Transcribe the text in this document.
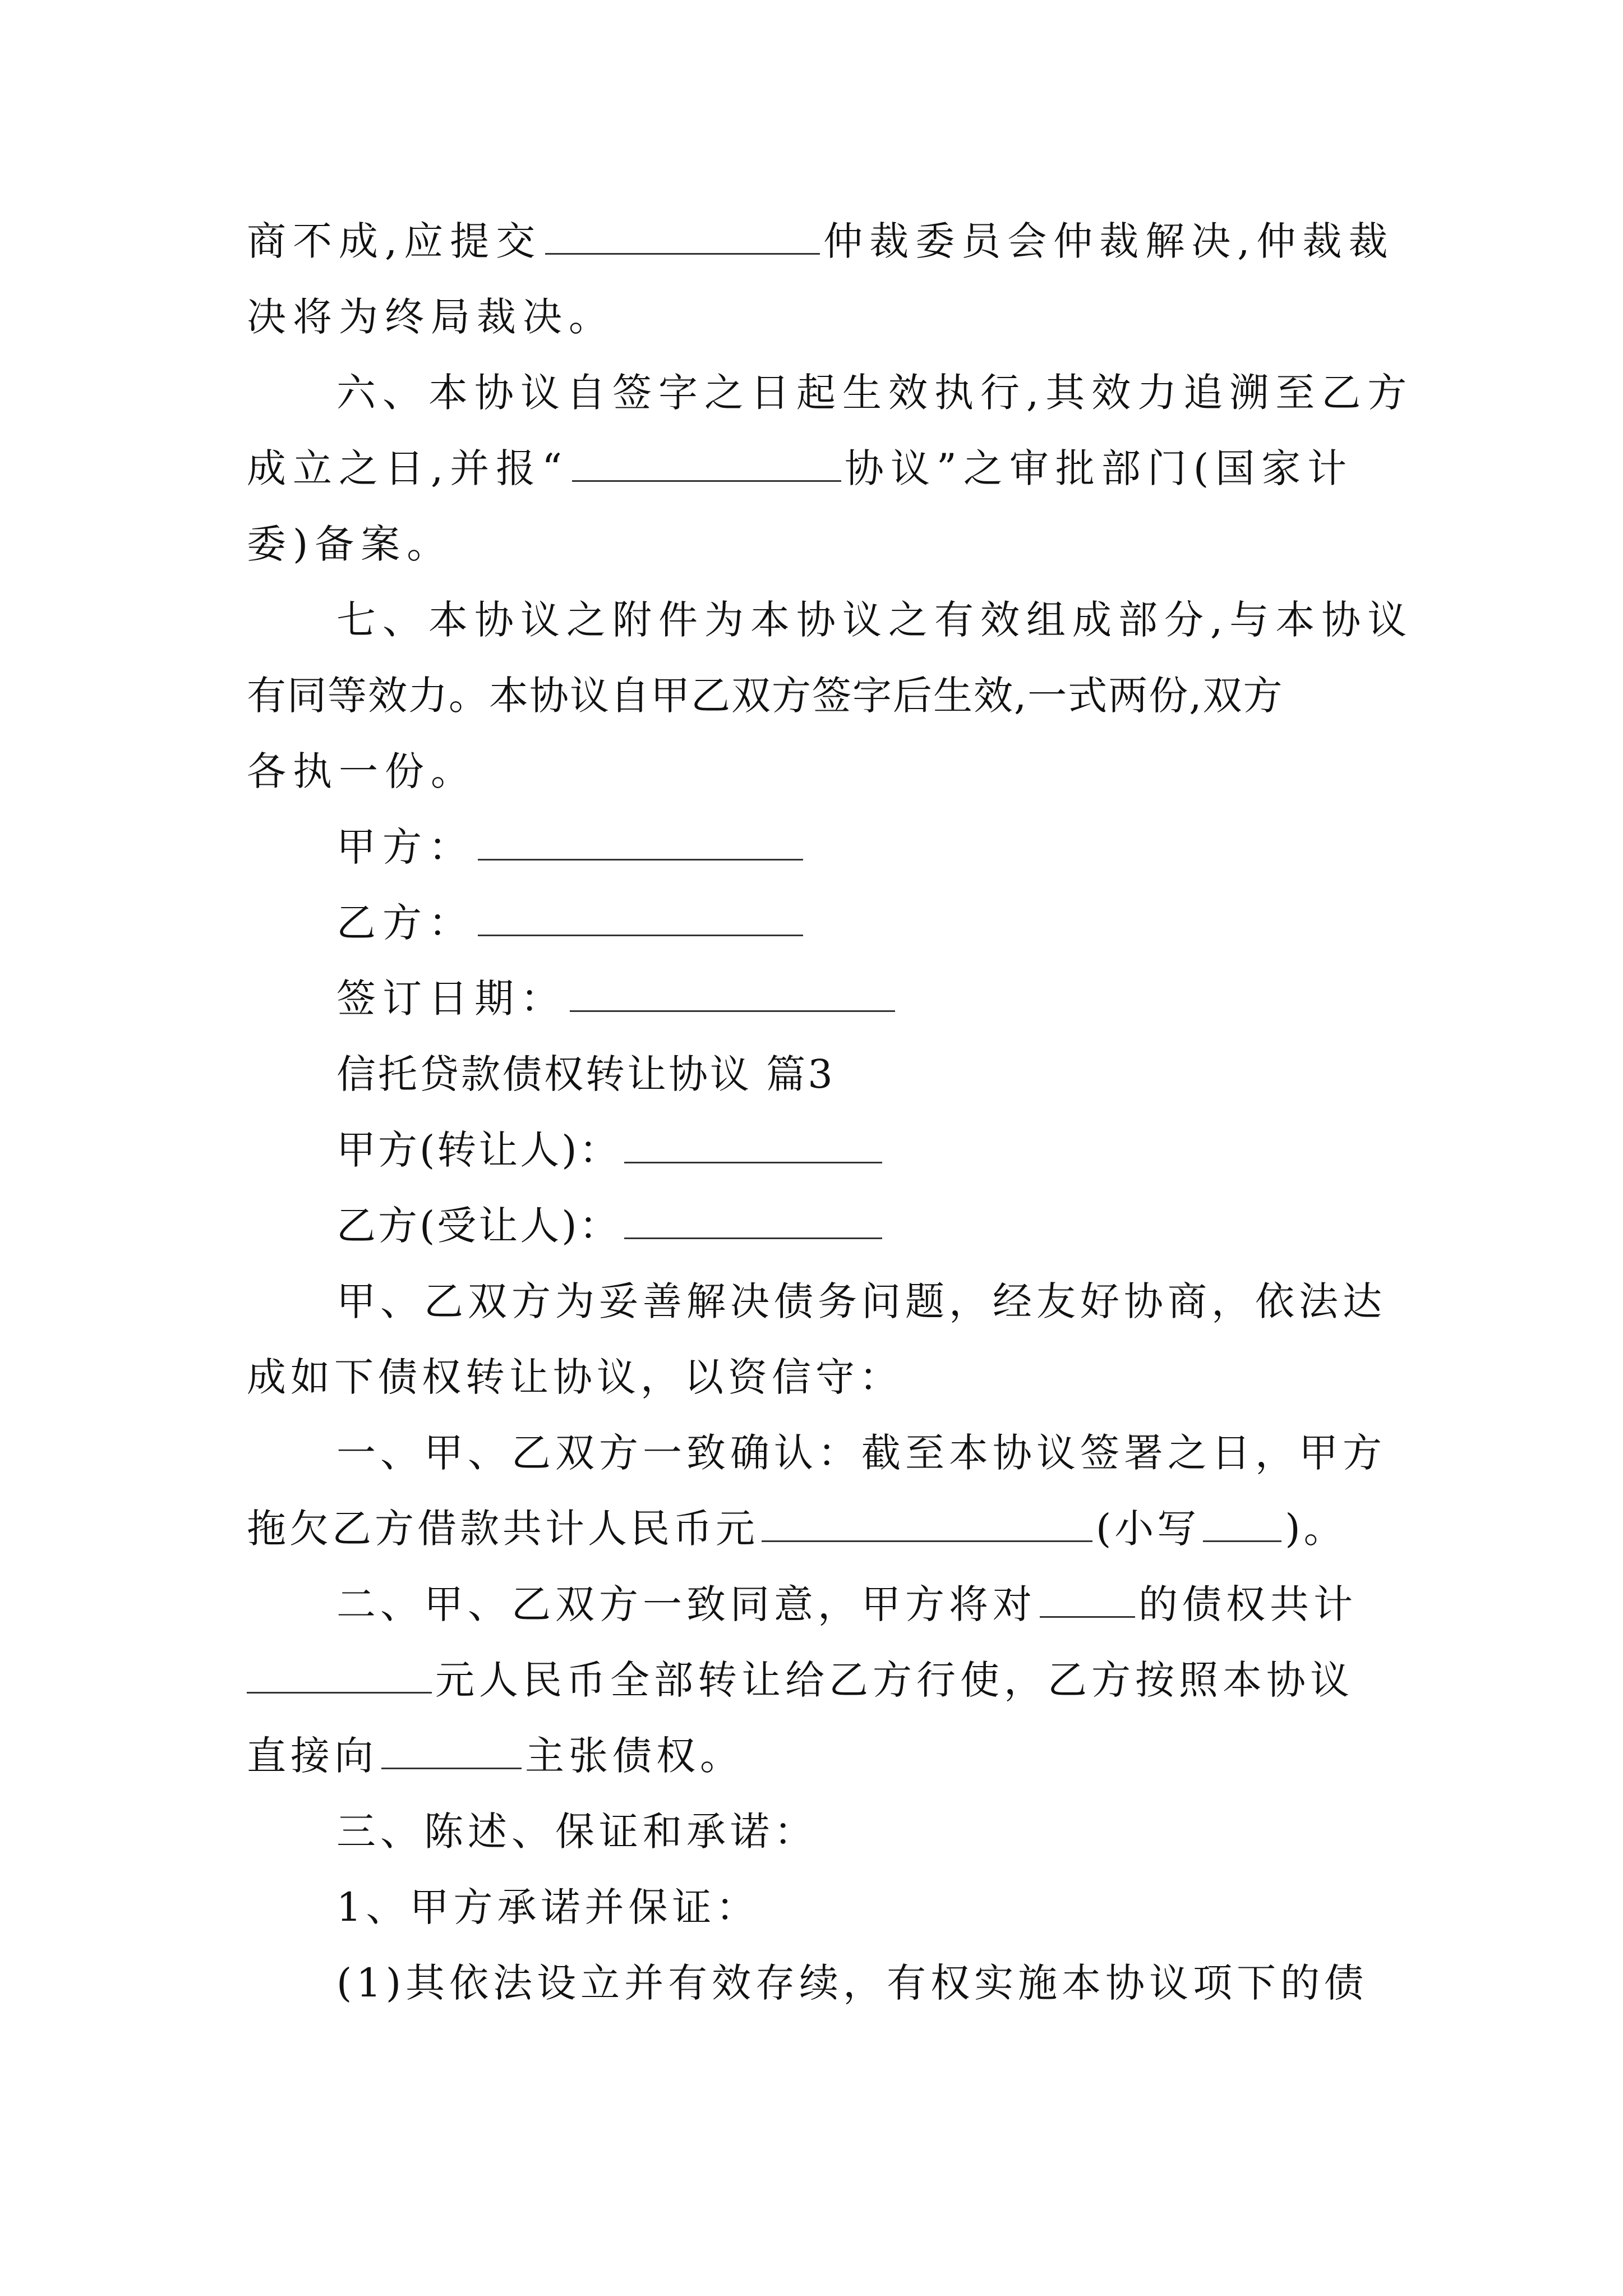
商不成,应提交	仲裁委员会仲裁解决,仲裁裁
决将为终局裁决。
六、本协议自签字之日起生效执行,其效力追溯至乙方
成立之日,并报“	协议”之审批部门(国家计
委)备案。
七、本协议之附件为本协议之有效组成部分,与本协议
有同等效力。本协议自甲乙双方签字后生效,一式两份,双方
各执一份。
甲方：
乙方：
签订日期：
信托贷款债权转让协议 篇3
甲方(转让人)：
乙方(受让人)：
甲、乙双方为妥善解决债务问题，经友好协商，依法达
成如下债权转让协议，以资信守：
一、甲、乙双方一致确认：截至本协议签署之日，甲方
拖欠乙方借款共计人民币元	(小写 )。
二、甲、乙双方一致同意，甲方将对	的债权共计
元人民币全部转让给乙方行使，乙方按照本协议
直接向	主张债权。
三、陈述、保证和承诺：
1、甲方承诺并保证：
(1)其依法设立并有效存续，有权实施本协议项下的债
